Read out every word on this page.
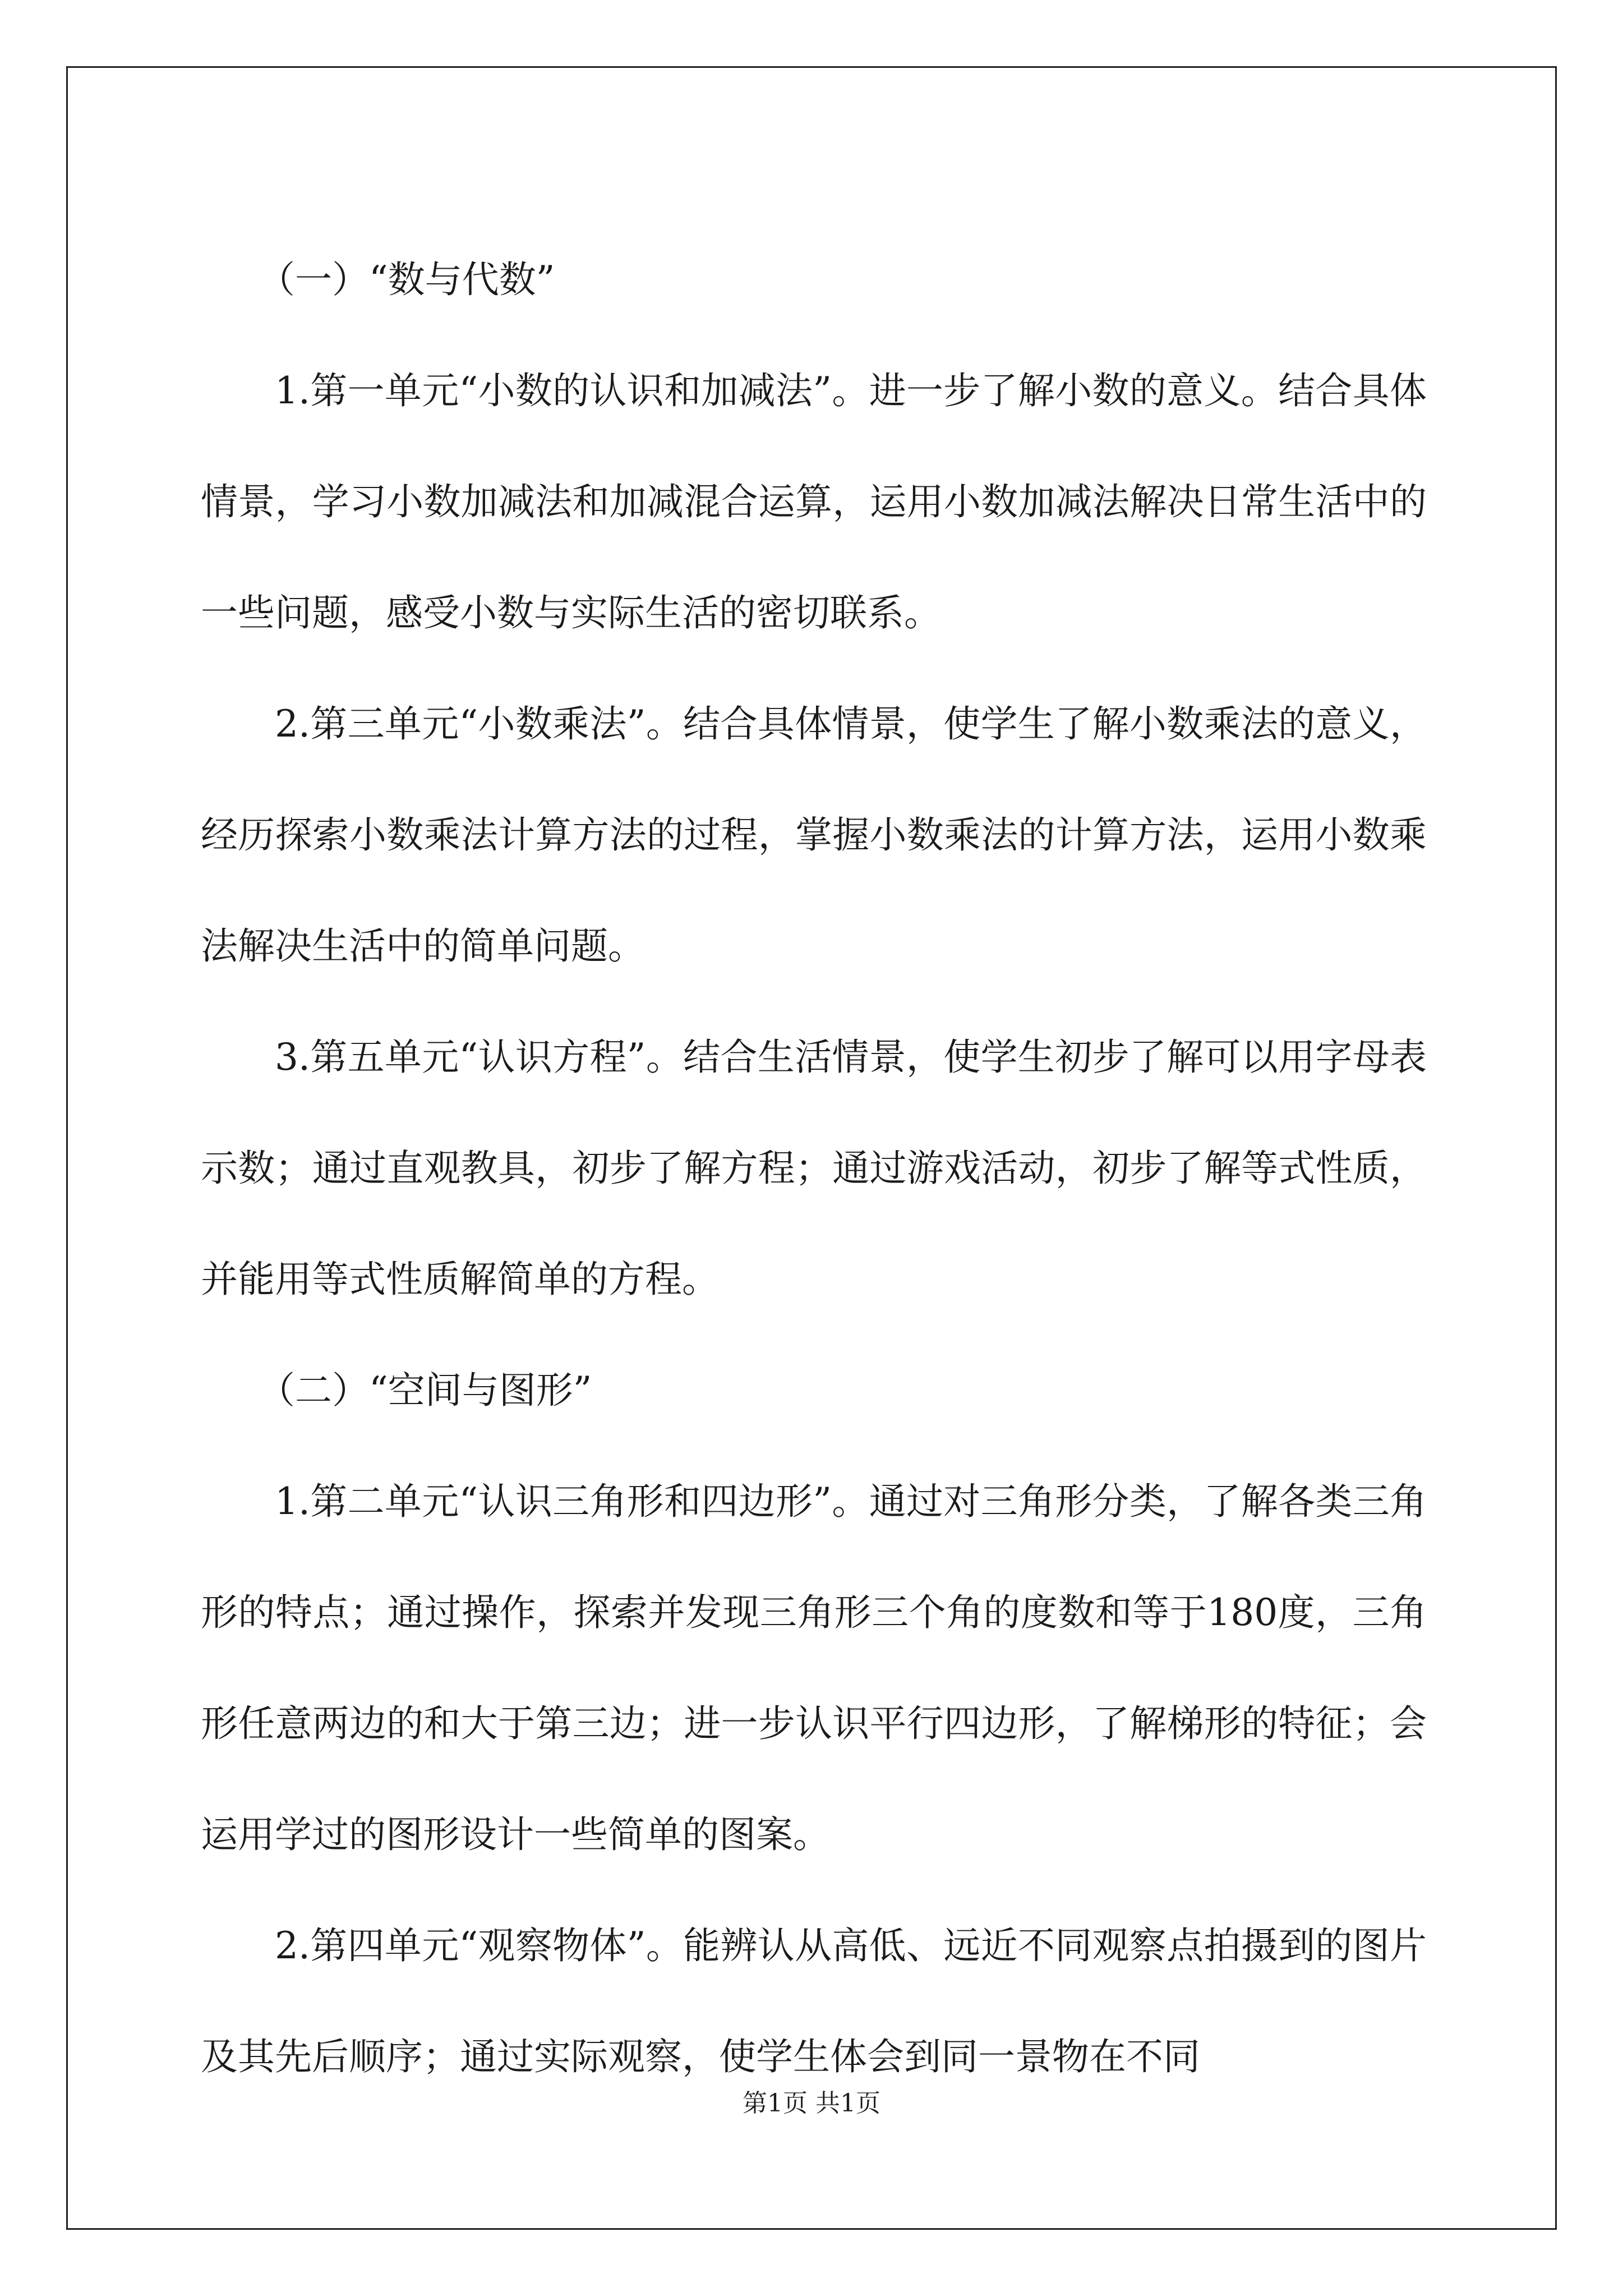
（一）“数与代数”

1.第一单元“小数的认识和加减法”。进一步了解小数的意义。结合具体情景，学习小数加减法和加减混合运算，运用小数加减法解决日常生活中的一些问题，感受小数与实际生活的密切联系。

2.第三单元“小数乘法”。结合具体情景，使学生了解小数乘法的意义，经历探索小数乘法计算方法的过程，掌握小数乘法的计算方法，运用小数乘法解决生活中的简单问题。

3.第五单元“认识方程”。结合生活情景，使学生初步了解可以用字母表示数；通过直观教具，初步了解方程；通过游戏活动，初步了解等式性质，并能用等式性质解简单的方程。

（二）“空间与图形”

1.第二单元“认识三角形和四边形”。通过对三角形分类，了解各类三角形的特点；通过操作，探索并发现三角形三个角的度数和等于180度，三角形任意两边的和大于第三边；进一步认识平行四边形，了解梯形的特征；会运用学过的图形设计一些简单的图案。

2.第四单元“观察物体”。能辨认从高低、远近不同观察点拍摄到的图片及其先后顺序；通过实际观察，使学生体会到同一景物在不同

第1页 共1页
